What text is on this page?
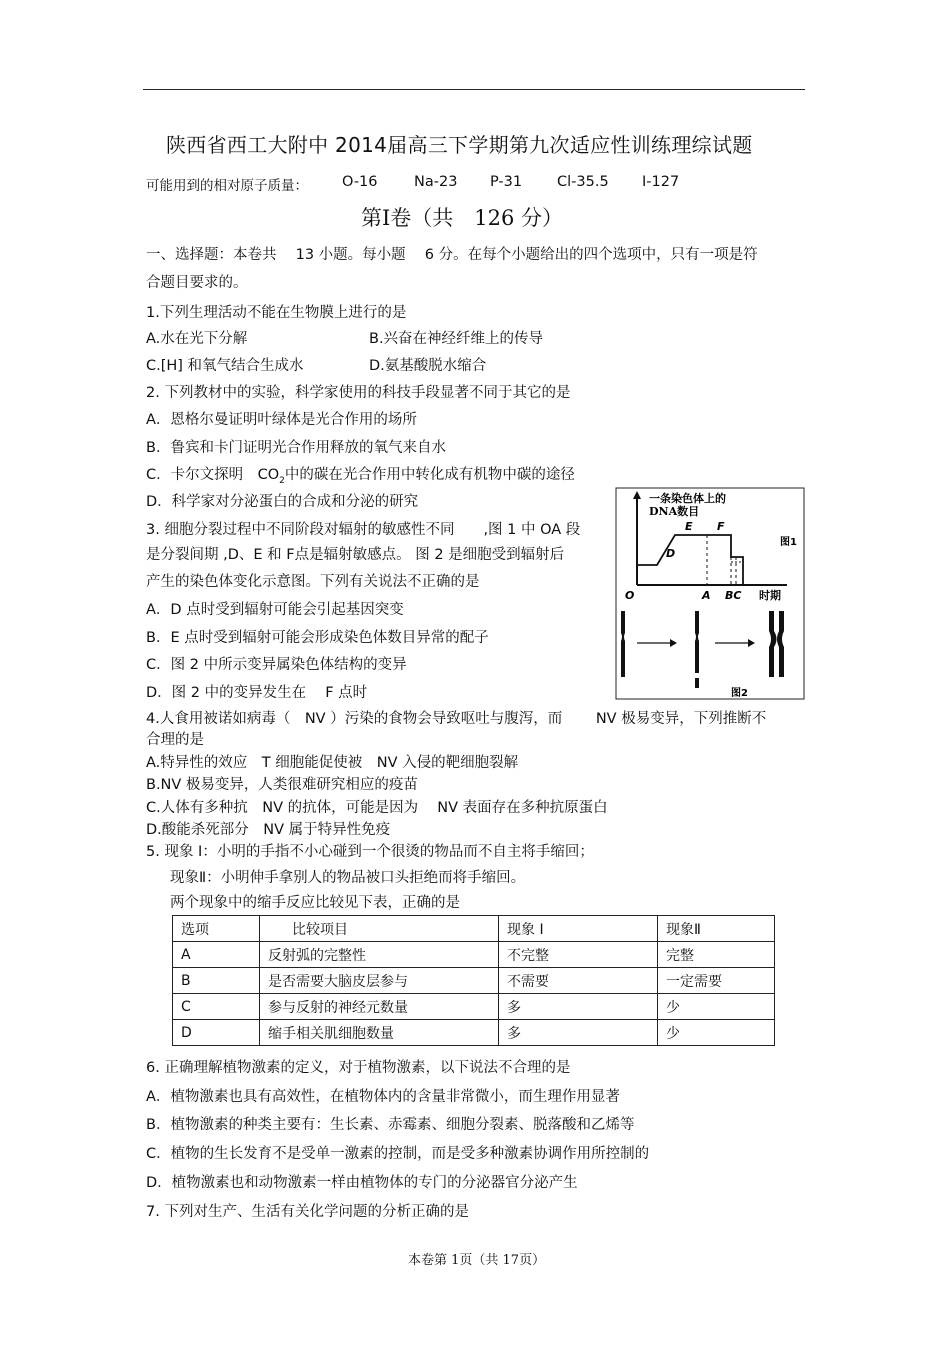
陕西省西工大附中 2014届高三下学期第九次适应性训练理综试题
可能用到的相对原子质量： O-16	Na-23 P-31 Cl-35.5 I-127
第Ⅰ卷（共　126 分）
一、选择题：本卷共　 13 小题。每小题　 6 分。在每个小题给出的四个选项中，只有一项是符
合题目要求的。
1.下列生理活动不能在生物膜上进行的是
A.水在光下分解	B.兴奋在神经纤维上的传导
C.[H] 和氧气结合生成水	D.氨基酸脱水缩合
2. 下列教材中的实验，科学家使用的科技手段显著不同于其它的是
A．恩格尔曼证明叶绿体是光合作用的场所
B．鲁宾和卡门证明光合作用释放的氧气来自水
C．卡尔文探明　$CO_2$中的碳在光合作用中转化成有机物中碳的途径
D．科学家对分泌蛋白的合成和分泌的研究
3. 细胞分裂过程中不同阶段对辐射的敏感性不同　　,图 1 中 OA 段
是分裂间期 ,D、E 和 F点是辐射敏感点。 图 2 是细胞受到辐射后
产生的染色体变化示意图。下列有关说法不正确的是
A．D 点时受到辐射可能会引起基因突变
B．E 点时受到辐射可能会形成染色体数目异常的配子
C．图 2 中所示变异属染色体结构的变异
D．图 2 中的变异发生在　 F 点时
一条染色体上的
DNA数目
E F
D
O	A BC 时期
图1
图2
4.人食用被诺如病毒（　NV ）污染的食物会导致呕吐与腹泻，而　　 NV 极易变异，下列推断不
合理的是
A.特异性的效应　T 细胞能促使被　NV 入侵的靶细胞裂解
B.NV 极易变异，人类很难研究相应的疫苗
C.人体有多种抗　NV 的抗体，可能是因为　 NV 表面存在多种抗原蛋白
D.酸能杀死部分　NV 属于特异性免疫
5. 现象 Ⅰ：小明的手指不小心碰到一个很烫的物品而不自主将手缩回；
现象Ⅱ：小明伸手拿别人的物品被口头拒绝而将手缩回。
两个现象中的缩手反应比较见下表，正确的是
选项	比较项目	现象 Ⅰ	现象Ⅱ
A	反射弧的完整性	不完整	完整
B	是否需要大脑皮层参与	不需要	一定需要
C	参与反射的神经元数量	多	少
D	缩手相关肌细胞数量	多	少
6. 正确理解植物激素的定义，对于植物激素，以下说法不合理的是
A．植物激素也具有高效性，在植物体内的含量非常微小，而生理作用显著
B．植物激素的种类主要有：生长素、赤霉素、细胞分裂素、脱落酸和乙烯等
C．植物的生长发育不是受单一激素的控制，而是受多种激素协调作用所控制的
D．植物激素也和动物激素一样由植物体的专门的分泌器官分泌产生
7. 下列对生产、生活有关化学问题的分析正确的是
本卷第 1页（共 17页）
